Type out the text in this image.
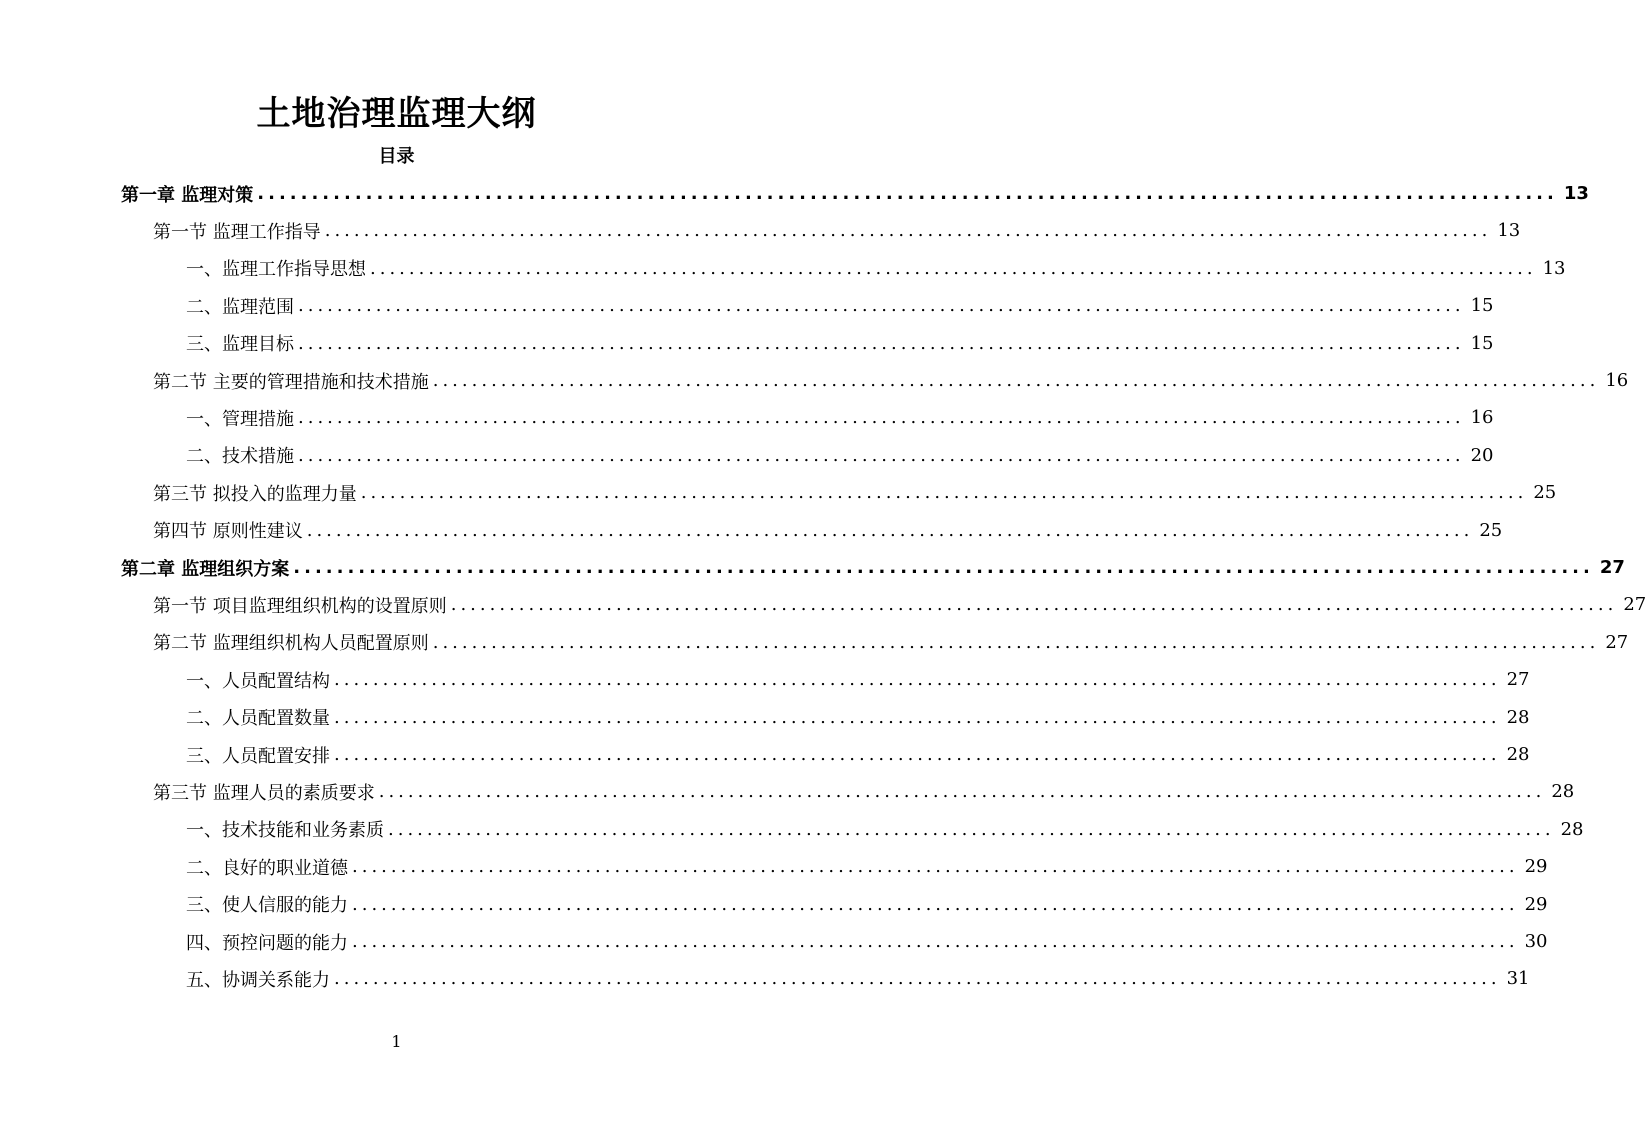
土地治理监理大纲
目录
第一章 监理对策 ........................................................................................................................ 13
第一节 监理工作指导 ........................................................................................................................ 13
一、监理工作指导思想 ........................................................................................................................ 13
二、监理范围 ........................................................................................................................ 15
三、监理目标 ........................................................................................................................ 15
第二节 主要的管理措施和技术措施 ........................................................................................................................ 16
一、管理措施 ........................................................................................................................ 16
二、技术措施 ........................................................................................................................ 20
第三节 拟投入的监理力量 ........................................................................................................................ 25
第四节 原则性建议 ........................................................................................................................ 25
第二章 监理组织方案 ........................................................................................................................ 27
第一节 项目监理组织机构的设置原则 ........................................................................................................................ 27
第二节 监理组织机构人员配置原则 ........................................................................................................................ 27
一、人员配置结构 ........................................................................................................................ 27
二、人员配置数量 ........................................................................................................................ 28
三、人员配置安排 ........................................................................................................................ 28
第三节 监理人员的素质要求 ........................................................................................................................ 28
一、技术技能和业务素质 ........................................................................................................................ 28
二、良好的职业道德 ........................................................................................................................ 29
三、使人信服的能力 ........................................................................................................................ 29
四、预控问题的能力 ........................................................................................................................ 30
五、协调关系能力 ........................................................................................................................ 31
1
